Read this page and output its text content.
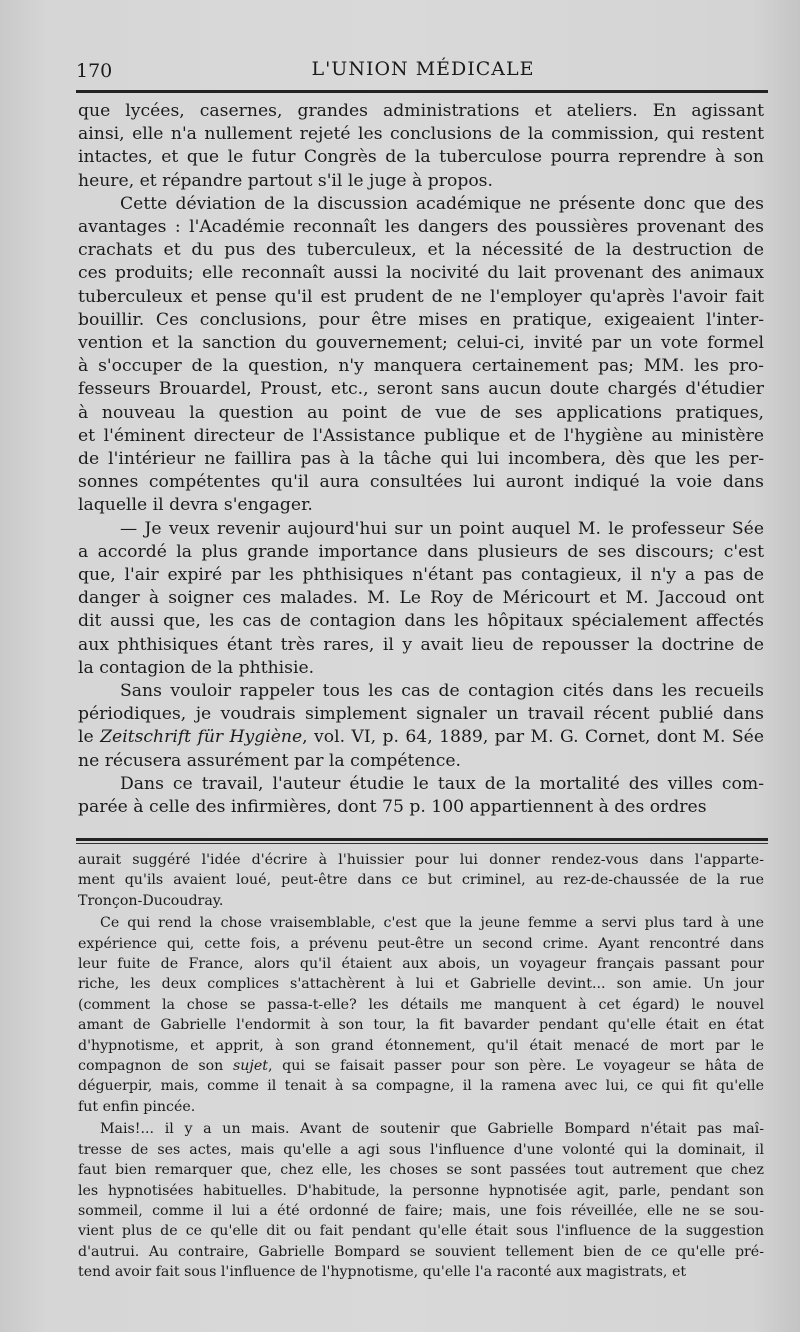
170	L'UNION MÉDICALE

que lycées, casernes, grandes administrations et ateliers. En agissant
ainsi, elle n'a nullement rejeté les conclusions de la commission, qui restent
intactes, et que le futur Congrès de la tuberculose pourra reprendre à son
heure, et répandre partout s'il le juge à propos.

Cette déviation de la discussion académique ne présente donc que des
avantages : l'Académie reconnaît les dangers des poussières provenant des
crachats et du pus des tuberculeux, et la nécessité de la destruction de
ces produits; elle reconnaît aussi la nocivité du lait provenant des animaux
tuberculeux et pense qu'il est prudent de ne l'employer qu'après l'avoir fait
bouillir. Ces conclusions, pour être mises en pratique, exigeaient l'inter-
vention et la sanction du gouvernement; celui-ci, invité par un vote formel
à s'occuper de la question, n'y manquera certainement pas; MM. les pro-
fesseurs Brouardel, Proust, etc., seront sans aucun doute chargés d'étudier
à nouveau la question au point de vue de ses applications pratiques,
et l'éminent directeur de l'Assistance publique et de l'hygiène au ministère
de l'intérieur ne faillira pas à la tâche qui lui incombera, dès que les per-
sonnes compétentes qu'il aura consultées lui auront indiqué la voie dans
laquelle il devra s'engager.

— Je veux revenir aujourd'hui sur un point auquel M. le professeur Sée
a accordé la plus grande importance dans plusieurs de ses discours; c'est
que, l'air expiré par les phthisiques n'étant pas contagieux, il n'y a pas de
danger à soigner ces malades. M. Le Roy de Méricourt et M. Jaccoud ont
dit aussi que, les cas de contagion dans les hôpitaux spécialement affectés
aux phthisiques étant très rares, il y avait lieu de repousser la doctrine de
la contagion de la phthisie.

Sans vouloir rappeler tous les cas de contagion cités dans les recueils
périodiques, je voudrais simplement signaler un travail récent publié dans
le Zeitschrift für Hygiène, vol. VI, p. 64, 1889, par M. G. Cornet, dont M. Sée
ne récusera assurément par la compétence.

Dans ce travail, l'auteur étudie le taux de la mortalité des villes com-
parée à celle des infirmières, dont 75 p. 100 appartiennent à des ordres

aurait suggéré l'idée d'écrire à l'huissier pour lui donner rendez-vous dans l'apparte-
ment qu'ils avaient loué, peut-être dans ce but criminel, au rez-de-chaussée de la rue
Tronçon-Ducoudray.

Ce qui rend la chose vraisemblable, c'est que la jeune femme a servi plus tard à une
expérience qui, cette fois, a prévenu peut-être un second crime. Ayant rencontré dans
leur fuite de France, alors qu'il étaient aux abois, un voyageur français passant pour
riche, les deux complices s'attachèrent à lui et Gabrielle devint... son amie. Un jour
(comment la chose se passa-t-elle? les détails me manquent à cet égard) le nouvel
amant de Gabrielle l'endormit à son tour, la fit bavarder pendant qu'elle était en état
d'hypnotisme, et apprit, à son grand étonnement, qu'il était menacé de mort par le
compagnon de son sujet, qui se faisait passer pour son père. Le voyageur se hâta de
déguerpir, mais, comme il tenait à sa compagne, il la ramena avec lui, ce qui fit qu'elle
fut enfin pincée.

Mais!... il y a un mais. Avant de soutenir que Gabrielle Bompard n'était pas maî-
tresse de ses actes, mais qu'elle a agi sous l'influence d'une volonté qui la dominait, il
faut bien remarquer que, chez elle, les choses se sont passées tout autrement que chez
les hypnotisées habituelles. D'habitude, la personne hypnotisée agit, parle, pendant son
sommeil, comme il lui a été ordonné de faire; mais, une fois réveillée, elle ne se sou-
vient plus de ce qu'elle dit ou fait pendant qu'elle était sous l'influence de la suggestion
d'autrui. Au contraire, Gabrielle Bompard se souvient tellement bien de ce qu'elle pré-
tend avoir fait sous l'influence de l'hypnotisme, qu'elle l'a raconté aux magistrats, et
